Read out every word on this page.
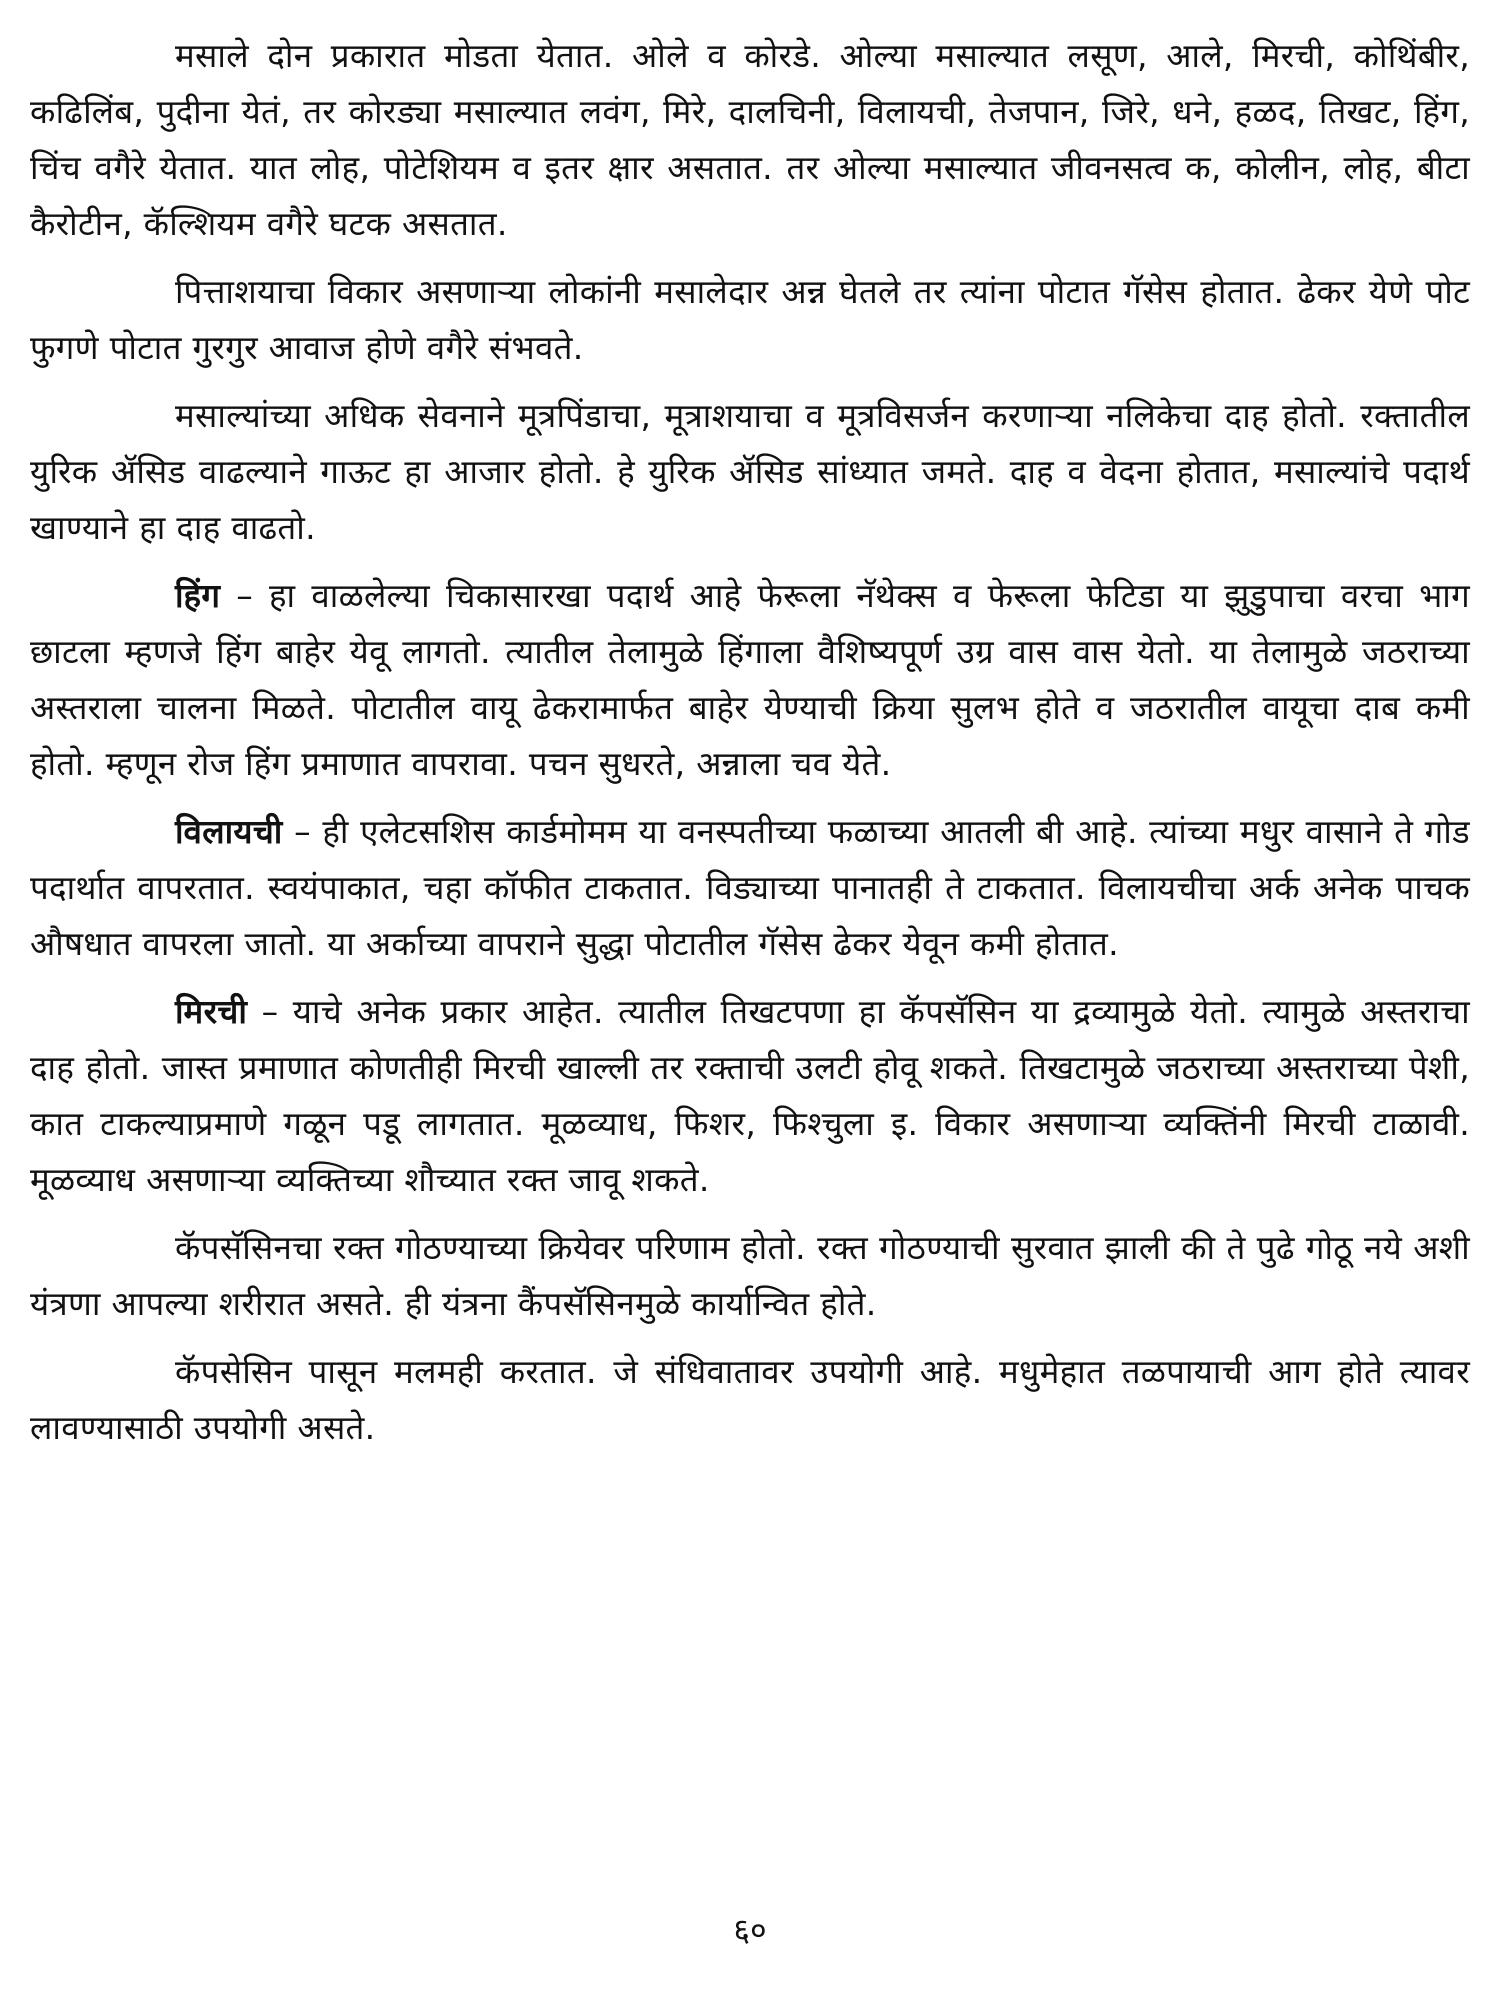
मसाले दोन प्रकारात मोडता येतात. ओले व कोरडे. ओल्या मसाल्यात लसूण, आले, मिरची, कोथिंबीर, कढिलिंब, पुदीना येतं, तर कोरड्या मसाल्यात लवंग, मिरे, दालचिनी, विलायची, तेजपान, जिरे, धने, हळद, तिखट, हिंग, चिंच वगैरे येतात. यात लोह, पोटेशियम व इतर क्षार असतात. तर ओल्या मसाल्यात जीवनसत्व क, कोलीन, लोह, बीटा कैरोटीन, कॅल्शियम वगैरे घटक असतात.

पित्ताशयाचा विकार असणाऱ्या लोकांनी मसालेदार अन्न घेतले तर त्यांना पोटात गॅसेस होतात. ढेकर येणे पोट फुगणे पोटात गुरगुर आवाज होणे वगैरे संभवते.

मसाल्यांच्या अधिक सेवनाने मूत्रपिंडाचा, मूत्राशयाचा व मूत्रविसर्जन करणाऱ्या नलिकेचा दाह होतो. रक्तातील युरिक ॲसिड वाढल्याने गाऊट हा आजार होतो. हे युरिक ॲसिड सांध्यात जमते. दाह व वेदना होतात, मसाल्यांचे पदार्थ खाण्याने हा दाह वाढतो.

हिंग – हा वाळलेल्या चिकासारखा पदार्थ आहे फेरूला नॅथेक्स व फेरूला फेटिडा या झुडुपाचा वरचा भाग छाटला म्हणजे हिंग बाहेर येवू लागतो. त्यातील तेलामुळे हिंगाला वैशिष्यपूर्ण उग्र वास वास येतो. या तेलामुळे जठराच्या अस्तराला चालना मिळते. पोटातील वायू ढेकरामार्फत बाहेर येण्याची क्रिया सुलभ होते व जठरातील वायूचा दाब कमी होतो. म्हणून रोज हिंग प्रमाणात वापरावा. पचन सुधरते, अन्नाला चव येते.

विलायची – ही एलेटसशिस कार्डमोमम या वनस्पतीच्या फळाच्या आतली बी आहे. त्यांच्या मधुर वासाने ते गोड पदार्थात वापरतात. स्वयंपाकात, चहा कॉफीत टाकतात. विड्याच्या पानातही ते टाकतात. विलायचीचा अर्क अनेक पाचक औषधात वापरला जातो. या अर्काच्या वापराने सुद्धा पोटातील गॅसेस ढेकर येवून कमी होतात.

मिरची – याचे अनेक प्रकार आहेत. त्यातील तिखटपणा हा कॅपसॅसिन या द्रव्यामुळे येतो. त्यामुळे अस्तराचा दाह होतो. जास्त प्रमाणात कोणतीही मिरची खाल्ली तर रक्ताची उलटी होवू शकते. तिखटामुळे जठराच्या अस्तराच्या पेशी, कात टाकल्याप्रमाणे गळून पडू लागतात. मूळव्याध, फिशर, फिश्चुला इ. विकार असणाऱ्या व्यक्तिंनी मिरची टाळावी. मूळव्याध असणाऱ्या व्यक्तिच्या शौच्यात रक्त जावू शकते.

कॅपसॅसिनचा रक्त गोठण्याच्या क्रियेवर परिणाम होतो. रक्त गोठण्याची सुरवात झाली की ते पुढे गोठू नये अशी यंत्रणा आपल्या शरीरात असते. ही यंत्रना कैंपसॅसिनमुळे कार्यान्वित होते.

कॅपसेसिन पासून मलमही करतात. जे संधिवातावर उपयोगी आहे. मधुमेहात तळपायाची आग होते त्यावर लावण्यासाठी उपयोगी असते.

६०
